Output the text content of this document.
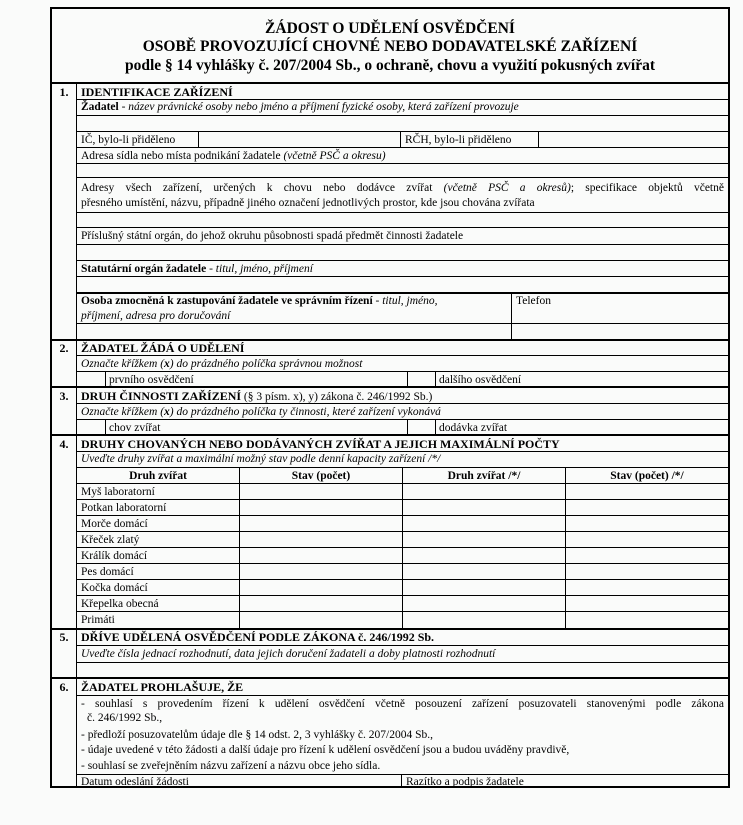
ŽÁDOST O UDĚLENÍ OSVĚDČENÍ
OSOBĚ PROVOZUJÍCÍ CHOVNÉ NEBO DODAVATELSKÉ ZAŘÍZENÍ
podle § 14 vyhlášky č. 207/2004 Sb., o ochraně, chovu a využití pokusných zvířat
1.	IDENTIFIKACE ZAŘÍZENÍ
Žadatel - název právnické osoby nebo jméno a příjmení fyzické osoby, která zařízení provozuje
IČ, bylo-li přiděleno	RČH, bylo-li přiděleno
Adresa sídla nebo místa podnikání žadatele (včetně PSČ a okresu)
Adresy všech zařízení, určených k chovu nebo dodávce zvířat (včetně PSČ a okresů); specifikace objektů včetně
přesného umístění, názvu, případně jiného označení jednotlivých prostor, kde jsou chována zvířata
Příslušný státní orgán, do jehož okruhu působnosti spadá předmět činnosti žadatele
Statutární orgán žadatele - titul, jméno, příjmení
Osoba zmocněná k zastupování žadatele ve správním řízení - titul, jméno,
příjmení, adresa pro doručování
Telefon
2.	ŽADATEL ŽÁDÁ O UDĚLENÍ
Označte křížkem (x) do prázdného políčka správnou možnost
prvního osvědčení	dalšího osvědčení
3.	DRUH ČINNOSTI ZAŘÍZENÍ (§ 3 písm. x), y) zákona č. 246/1992 Sb.)
Označte křížkem (x) do prázdného políčka ty činnosti, které zařízení vykonává
chov zvířat	dodávka zvířat
4.	DRUHY CHOVANÝCH NEBO DODÁVANÝCH ZVÍŘAT A JEJICH MAXIMÁLNÍ POČTY
Uveďte druhy zvířat a maximální možný stav podle denní kapacity zařízení /*/
Druh zvířat	Stav (počet)	Druh zvířat /*/	Stav (počet) /*/
Myš laboratorní
Potkan laboratorní
Morče domácí
Křeček zlatý
Králík domácí
Pes domácí
Kočka domácí
Křepelka obecná
Primáti
5.	DŘÍVE UDĚLENÁ OSVĚDČENÍ PODLE ZÁKONA č. 246/1992 Sb.
Uveďte čísla jednací rozhodnutí, data jejich doručení žadateli a doby platnosti rozhodnutí
6.	ŽADATEL PROHLAŠUJE, ŽE
- souhlasí s provedením řízení k udělení osvědčení včetně posouzení zařízení posuzovateli stanovenými podle zákona
č. 246/1992 Sb.,
- předloží posuzovatelům údaje dle § 14 odst. 2, 3 vyhlášky č. 207/2004 Sb.,
- údaje uvedené v této žádosti a další údaje pro řízení k udělení osvědčení jsou a budou uváděny pravdivě,
- souhlasí se zveřejněním názvu zařízení a názvu obce jeho sídla.
Datum odeslání žádosti	Razítko a podpis žadatele
